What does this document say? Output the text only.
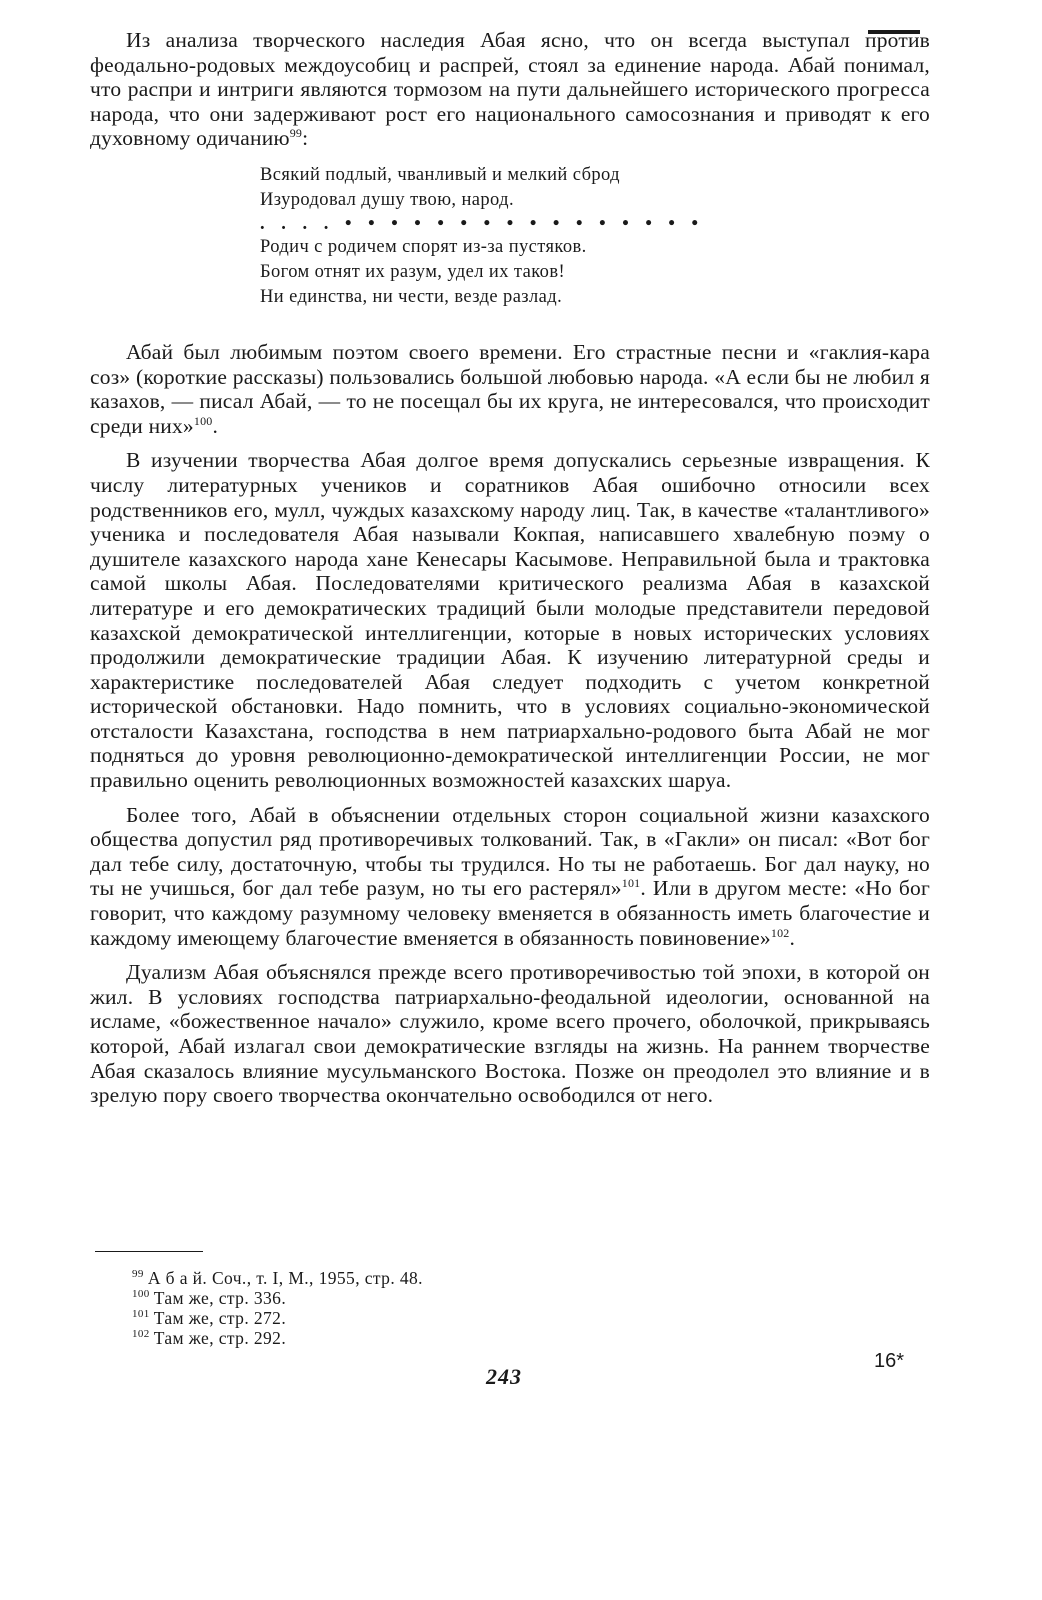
Из анализа творческого наследия Абая ясно, что он всегда выступал против феодально-родовых междоусобиц и распрей, стоял за единение народа. Абай понимал, что распри и интриги являются тормозом на пути дальнейшего исторического прогресса народа, что они задерживают рост его национального самосознания и приводят к его духовному одичанию$^{99}$:

Всякий подлый, чванливый и мелкий сброд
Изуродовал душу твою, народ.
. . . . • • • • • • • • • • • • • • • •
Родич с родичем спорят из-за пустяков.
Богом отнят их разум, удел их таков!
Ни единства, ни чести, везде разлад.

Абай был любимым поэтом своего времени. Его страстные песни и «гаклия-кара соз» (короткие рассказы) пользовались большой любовью народа. «А если бы не любил я казахов, — писал Абай, — то не посещал бы их круга, не интересовался, что происходит среди них»$^{100}$.

В изучении творчества Абая долгое время допускались серьезные извращения. К числу литературных учеников и соратников Абая ошибочно относили всех родственников его, мулл, чуждых казахскому народу лиц. Так, в качестве «талантливого» ученика и последователя Абая называли Кокпая, написавшего хвалебную поэму о душителе казахского народа хане Кенесары Касымове. Неправильной была и трактовка самой школы Абая. Последователями критического реализма Абая в казахской литературе и его демократических традиций были молодые представители передовой казахской демократической интеллигенции, которые в новых исторических условиях продолжили демократические традиции Абая. К изучению литературной среды и характеристике последователей Абая следует подходить с учетом конкретной исторической обстановки. Надо помнить, что в условиях социально-экономической отсталости Казахстана, господства в нем патриархально-родового быта Абай не мог подняться до уровня революционно-демократической интеллигенции России, не мог правильно оценить революционных возможностей казахских шаруа.

Более того, Абай в объяснении отдельных сторон социальной жизни казахского общества допустил ряд противоречивых толкований. Так, в «Гакли» он писал: «Вот бог дал тебе силу, достаточную, чтобы ты трудился. Но ты не работаешь. Бог дал науку, но ты не учишься, бог дал тебе разум, но ты его растерял»$^{101}$. Или в другом месте: «Но бог говорит, что каждому разумному человеку вменяется в обязанность иметь благочестие и каждому имеющему благочестие вменяется в обязанность повиновение»$^{102}$.

Дуализм Абая объяснялся прежде всего противоречивостью той эпохи, в которой он жил. В условиях господства патриархально-феодальной идеологии, основанной на исламе, «божественное начало» служило, кроме всего прочего, оболочкой, прикрываясь которой, Абай излагал свои демократические взгляды на жизнь. На раннем творчестве Абая сказалось влияние мусульманского Востока. Позже он преодолел это влияние и в зрелую пору своего творчества окончательно освободился от него.

$^{99}$ А б а й. Соч., т. I, М., 1955, стр. 48.
$^{100}$ Там же, стр. 336.
$^{101}$ Там же, стр. 272.
$^{102}$ Там же, стр. 292.
243
16*
